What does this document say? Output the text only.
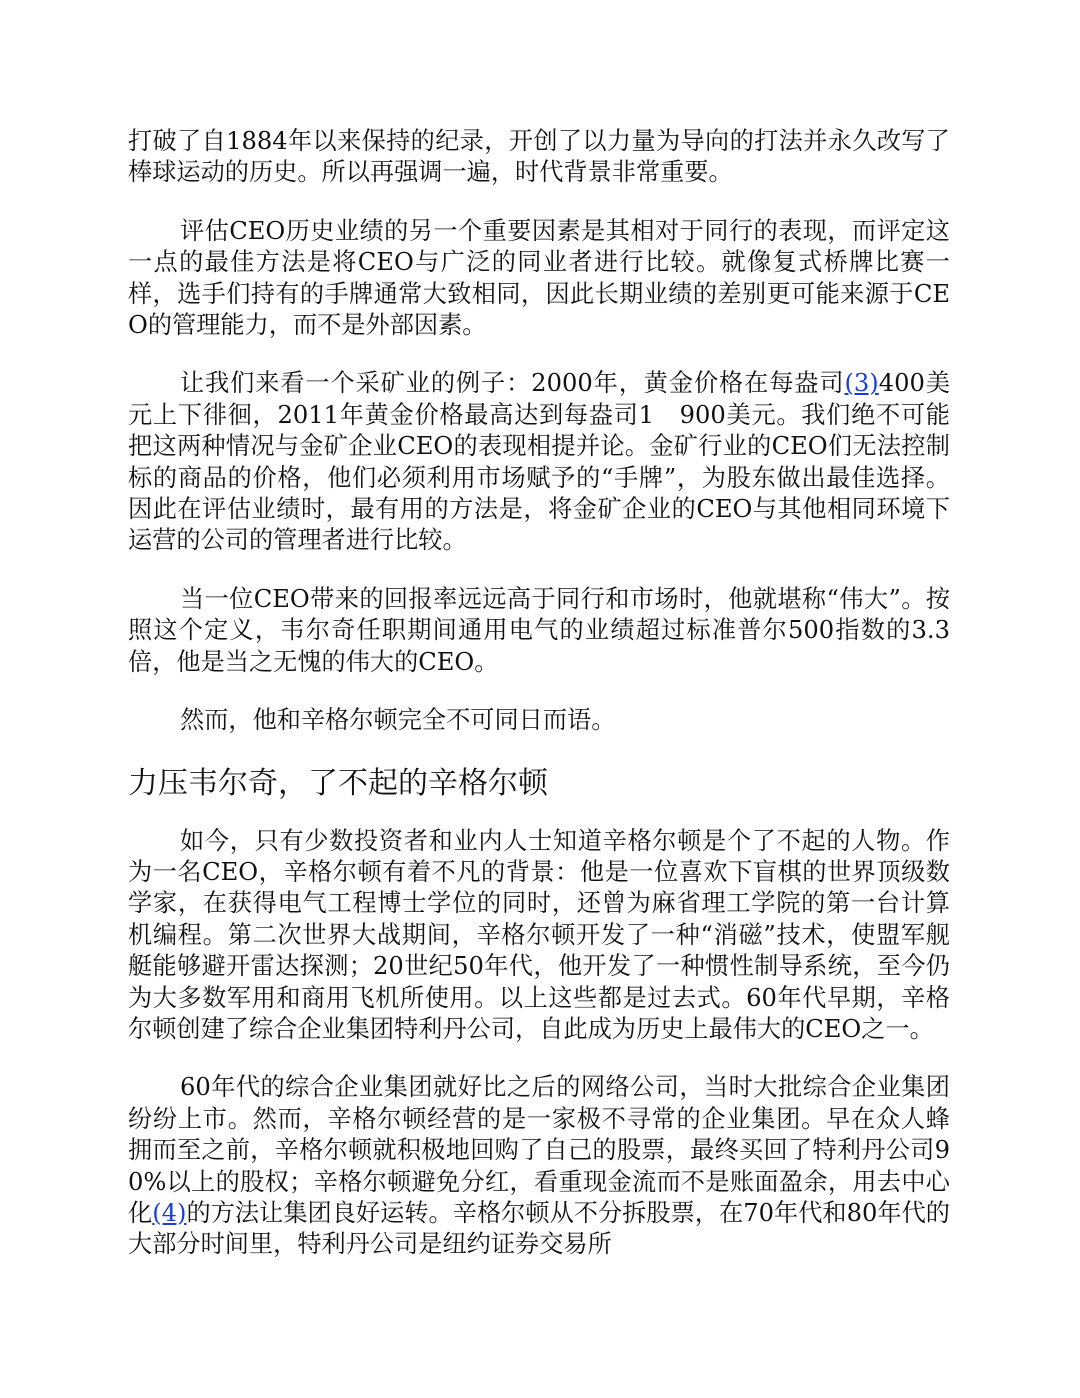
打破了自1884年以来保持的纪录，开创了以力量为导向的打法并永久改写了棒球运动的历史。所以再强调一遍，时代背景非常重要。

评估CEO历史业绩的另一个重要因素是其相对于同行的表现，而评定这一点的最佳方法是将CEO与广泛的同业者进行比较。就像复式桥牌比赛一样，选手们持有的手牌通常大致相同，因此长期业绩的差别更可能来源于CEO的管理能力，而不是外部因素。

让我们来看一个采矿业的例子：2000年，黄金价格在每盎司(3)400美元上下徘徊，2011年黄金价格最高达到每盎司1　900美元。我们绝不可能把这两种情况与金矿企业CEO的表现相提并论。金矿行业的CEO们无法控制标的商品的价格，他们必须利用市场赋予的“手牌”，为股东做出最佳选择。因此在评估业绩时，最有用的方法是，将金矿企业的CEO与其他相同环境下运营的公司的管理者进行比较。

当一位CEO带来的回报率远远高于同行和市场时，他就堪称“伟大”。按照这个定义，韦尔奇任职期间通用电气的业绩超过标准普尔500指数的3.3倍，他是当之无愧的伟大的CEO。

然而，他和辛格尔顿完全不可同日而语。

力压韦尔奇，了不起的辛格尔顿

如今，只有少数投资者和业内人士知道辛格尔顿是个了不起的人物。作为一名CEO，辛格尔顿有着不凡的背景：他是一位喜欢下盲棋的世界顶级数学家，在获得电气工程博士学位的同时，还曾为麻省理工学院的第一台计算机编程。第二次世界大战期间，辛格尔顿开发了一种“消磁”技术，使盟军舰艇能够避开雷达探测；20世纪50年代，他开发了一种惯性制导系统，至今仍为大多数军用和商用飞机所使用。以上这些都是过去式。60年代早期，辛格尔顿创建了综合企业集团特利丹公司，自此成为历史上最伟大的CEO之一。

60年代的综合企业集团就好比之后的网络公司，当时大批综合企业集团纷纷上市。然而，辛格尔顿经营的是一家极不寻常的企业集团。早在众人蜂拥而至之前，辛格尔顿就积极地回购了自己的股票，最终买回了特利丹公司90%以上的股权；辛格尔顿避免分红，看重现金流而不是账面盈余，用去中心化(4)的方法让集团良好运转。辛格尔顿从不分拆股票，在70年代和80年代的大部分时间里，特利丹公司是纽约证券交易所
